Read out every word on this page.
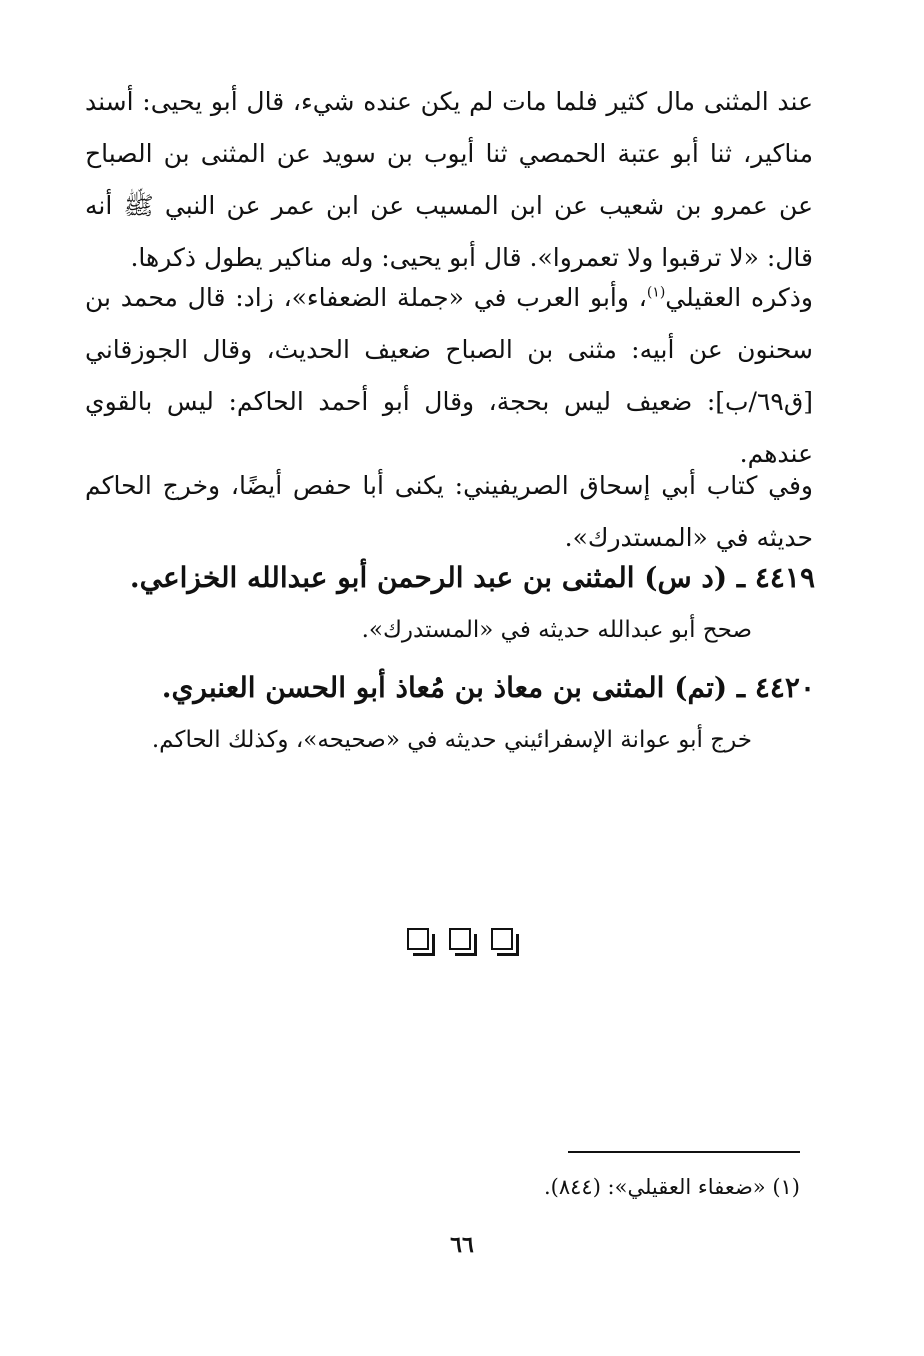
عند المثنى مال كثير فلما مات لم يكن عنده شيء، قال أبو يحيى: أسند مناكير، ثنا أبو عتبة الحمصي ثنا أيوب بن سويد عن المثنى بن الصباح عن عمرو بن شعيب عن ابن المسيب عن ابن عمر عن النبي ﷺ أنه قال: «لا ترقبوا ولا تعمروا». قال أبو يحيى: وله مناكير يطول ذكرها.

وذكره العقيلي$^{(١)}$، وأبو العرب في «جملة الضعفاء»، زاد: قال محمد بن سحنون عن أبيه: مثنى بن الصباح ضعيف الحديث، وقال الجوزقاني [ق٦٩/ب]: ضعيف ليس بحجة، وقال أبو أحمد الحاكم: ليس بالقوي عندهم.

وفي كتاب أبي إسحاق الصريفيني: يكنى أبا حفص أيضًا، وخرج الحاكم حديثه في «المستدرك».

٤٤١٩ ـ (د س) المثنى بن عبد الرحمن أبو عبدالله الخزاعي.

صحح أبو عبدالله حديثه في «المستدرك».

٤٤٢٠ ـ (تم) المثنى بن معاذ بن مُعاذ أبو الحسن العنبري.

خرج أبو عوانة الإسفرائيني حديثه في «صحيحه»، وكذلك الحاكم.

(١) «ضعفاء العقيلي»: (٨٤٤).

٦٦
